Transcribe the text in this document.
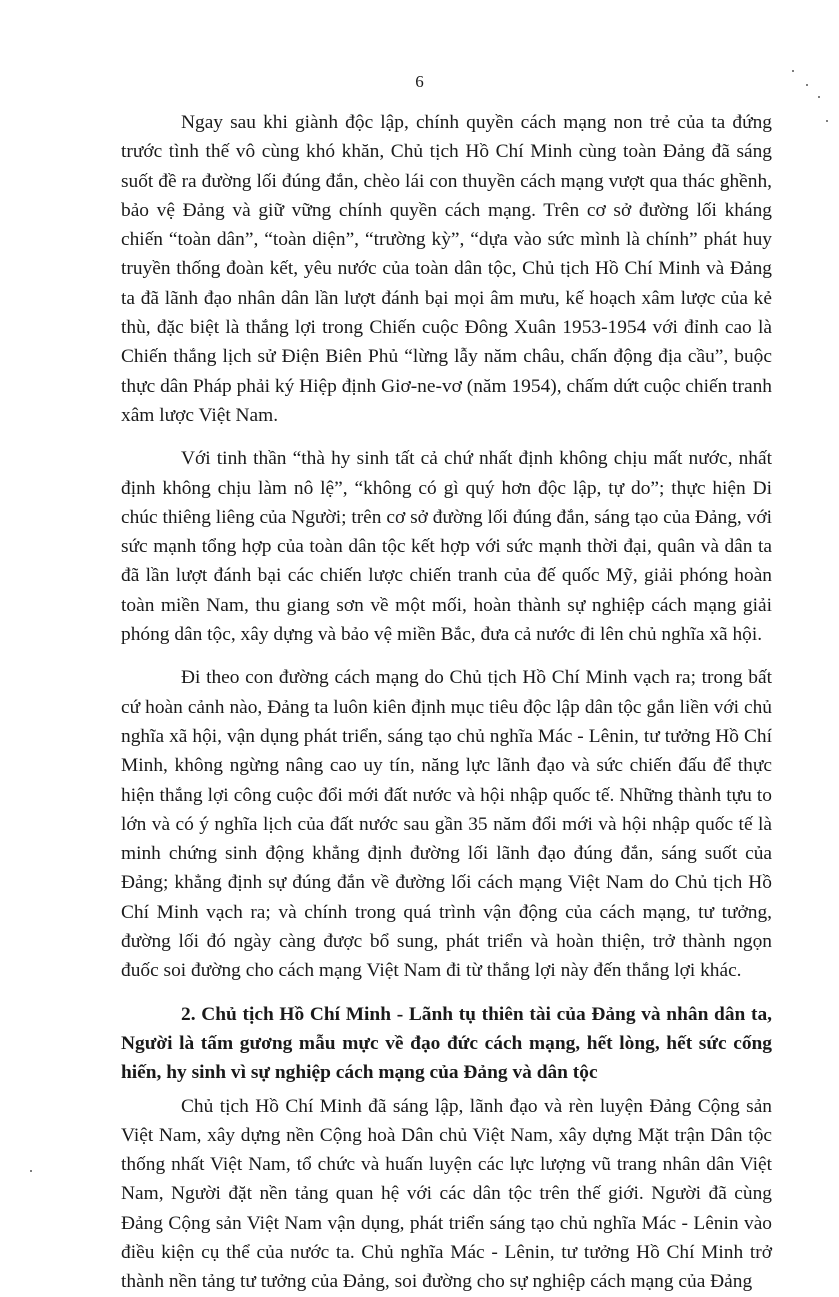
6

Ngay sau khi giành độc lập, chính quyền cách mạng non trẻ của ta đứng trước tình thế vô cùng khó khăn, Chủ tịch Hồ Chí Minh cùng toàn Đảng đã sáng suốt đề ra đường lối đúng đắn, chèo lái con thuyền cách mạng vượt qua thác ghềnh, bảo vệ Đảng và giữ vững chính quyền cách mạng. Trên cơ sở đường lối kháng chiến “toàn dân”, “toàn diện”, “trường kỳ”, “dựa vào sức mình là chính” phát huy truyền thống đoàn kết, yêu nước của toàn dân tộc, Chủ tịch Hồ Chí Minh và Đảng ta đã lãnh đạo nhân dân lần lượt đánh bại mọi âm mưu, kế hoạch xâm lược của kẻ thù, đặc biệt là thắng lợi trong Chiến cuộc Đông Xuân 1953-1954 với đỉnh cao là Chiến thắng lịch sử Điện Biên Phủ “lừng lẫy năm châu, chấn động địa cầu”, buộc thực dân Pháp phải ký Hiệp định Giơ-ne-vơ (năm 1954), chấm dứt cuộc chiến tranh xâm lược Việt Nam.

Với tinh thần “thà hy sinh tất cả chứ nhất định không chịu mất nước, nhất định không chịu làm nô lệ”, “không có gì quý hơn độc lập, tự do”; thực hiện Di chúc thiêng liêng của Người; trên cơ sở đường lối đúng đắn, sáng tạo của Đảng, với sức mạnh tổng hợp của toàn dân tộc kết hợp với sức mạnh thời đại, quân và dân ta đã lần lượt đánh bại các chiến lược chiến tranh của đế quốc Mỹ, giải phóng hoàn toàn miền Nam, thu giang sơn về một mối, hoàn thành sự nghiệp cách mạng giải phóng dân tộc, xây dựng và bảo vệ miền Bắc, đưa cả nước đi lên chủ nghĩa xã hội.

Đi theo con đường cách mạng do Chủ tịch Hồ Chí Minh vạch ra; trong bất cứ hoàn cảnh nào, Đảng ta luôn kiên định mục tiêu độc lập dân tộc gắn liền với chủ nghĩa xã hội, vận dụng phát triển, sáng tạo chủ nghĩa Mác - Lênin, tư tưởng Hồ Chí Minh, không ngừng nâng cao uy tín, năng lực lãnh đạo và sức chiến đấu để thực hiện thắng lợi công cuộc đổi mới đất nước và hội nhập quốc tế. Những thành tựu to lớn và có ý nghĩa lịch của đất nước sau gần 35 năm đổi mới và hội nhập quốc tế là minh chứng sinh động khẳng định đường lối lãnh đạo đúng đắn, sáng suốt của Đảng; khẳng định sự đúng đắn về đường lối cách mạng Việt Nam do Chủ tịch Hồ Chí Minh vạch ra; và chính trong quá trình vận động của cách mạng, tư tưởng, đường lối đó ngày càng được bổ sung, phát triển và hoàn thiện, trở thành ngọn đuốc soi đường cho cách mạng Việt Nam đi từ thắng lợi này đến thắng lợi khác.

2. Chủ tịch Hồ Chí Minh - Lãnh tụ thiên tài của Đảng và nhân dân ta, Người là tấm gương mẫu mực về đạo đức cách mạng, hết lòng, hết sức cống hiến, hy sinh vì sự nghiệp cách mạng của Đảng và dân tộc

Chủ tịch Hồ Chí Minh đã sáng lập, lãnh đạo và rèn luyện Đảng Cộng sản Việt Nam, xây dựng nền Cộng hoà Dân chủ Việt Nam, xây dựng Mặt trận Dân tộc thống nhất Việt Nam, tổ chức và huấn luyện các lực lượng vũ trang nhân dân Việt Nam, Người đặt nền tảng quan hệ với các dân tộc trên thế giới. Người đã cùng Đảng Cộng sản Việt Nam vận dụng, phát triển sáng tạo chủ nghĩa Mác - Lênin vào điều kiện cụ thể của nước ta. Chủ nghĩa Mác - Lênin, tư tưởng Hồ Chí Minh trở thành nền tảng tư tưởng của Đảng, soi đường cho sự nghiệp cách mạng của Đảng
